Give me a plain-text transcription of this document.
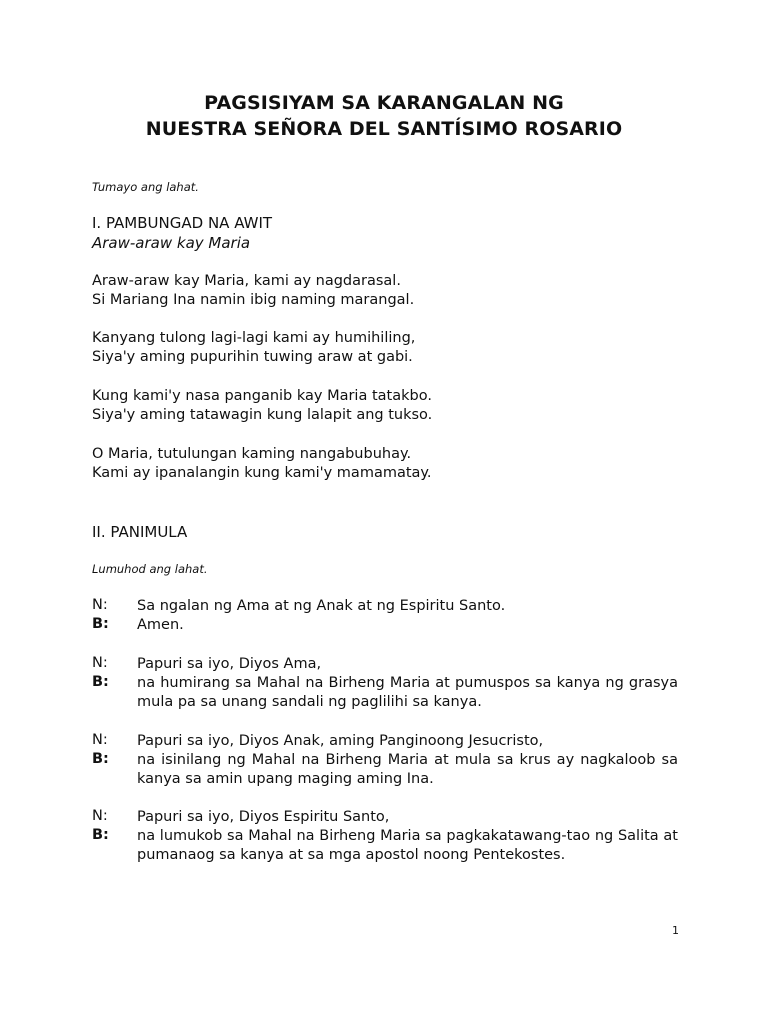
PAGSISIYAM SA KARANGALAN NG
NUESTRA SEÑORA DEL SANTÍSIMO ROSARIO
Tumayo ang lahat.
I. PAMBUNGAD NA AWIT
Araw-araw kay Maria
Araw-araw kay Maria, kami ay nagdarasal.
Si Mariang Ina namin ibig naming marangal.
Kanyang tulong lagi-lagi kami ay humihiling,
Siya'y aming pupurihin tuwing araw at gabi.
Kung kami'y nasa panganib kay Maria tatakbo.
Siya'y aming tatawagin kung lalapit ang tukso.
O Maria, tutulungan kaming nangabubuhay.
Kami ay ipanalangin kung kami'y mamamatay.
II. PANIMULA
Lumuhod ang lahat.
N: Sa ngalan ng Ama at ng Anak at ng Espiritu Santo.
B: Amen.
N: Papuri sa iyo, Diyos Ama,
B: na humirang sa Mahal na Birheng Maria at pumuspos sa kanya ng grasya mula pa sa unang sandali ng paglilihi sa kanya.
N: Papuri sa iyo, Diyos Anak, aming Panginoong Jesucristo,
B: na isinilang ng Mahal na Birheng Maria at mula sa krus ay nagkaloob sa kanya sa amin upang maging aming Ina.
N: Papuri sa iyo, Diyos Espiritu Santo,
B: na lumukob sa Mahal na Birheng Maria sa pagkakatawang-tao ng Salita at pumanaog sa kanya at sa mga apostol noong Pentekostes.
1
